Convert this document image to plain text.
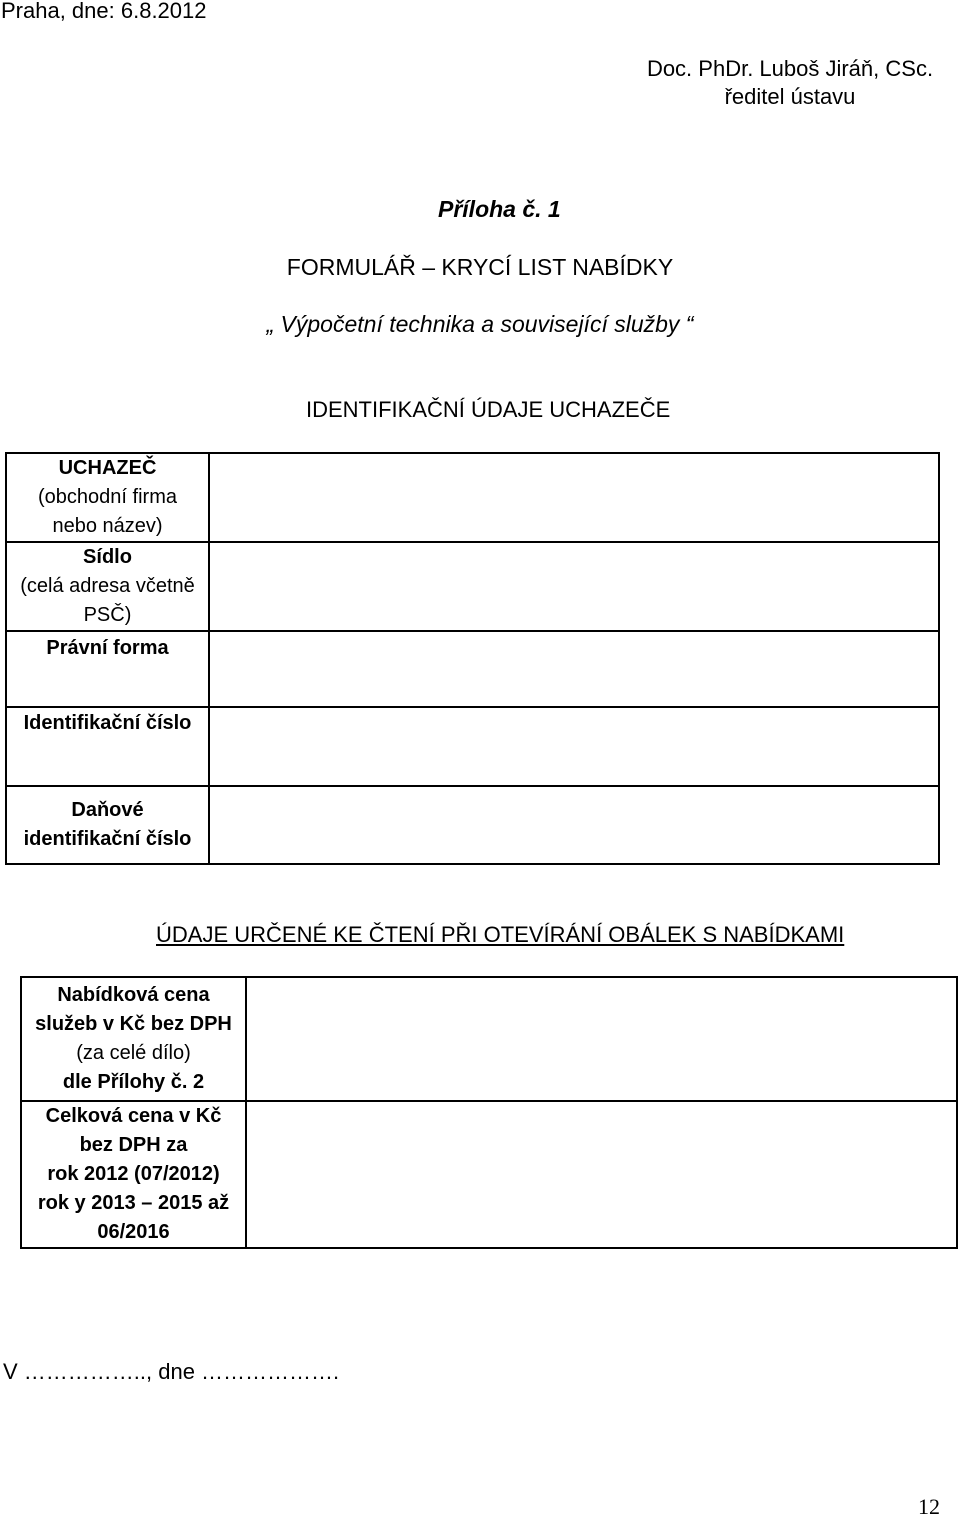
Praha, dne: 6.8.2012
Doc. PhDr. Luboš Jiráň, CSc.
ředitel ústavu
Příloha č. 1
FORMULÁŘ – KRYCÍ LIST NABÍDKY
„ Výpočetní technika a související služby “
IDENTIFIKAČNÍ ÚDAJE UCHAZEČE
UCHAZEČ
(obchodní firma
nebo název)	

Sídlo
(celá adresa včetně
PSČ)	

Právní forma	

Identifikační číslo	

Daňové
identifikační číslo	

ÚDAJE URČENÉ KE ČTENÍ PŘI OTEVÍRÁNÍ OBÁLEK S NABÍDKAMI
Nabídková cena
služeb v Kč bez DPH
(za celé dílo)
dle Přílohy č. 2	

Celková cena v Kč
bez DPH za
rok 2012 (07/2012)
rok y 2013 – 2015 až
06/2016	

V …………….., dne ……………….
12
